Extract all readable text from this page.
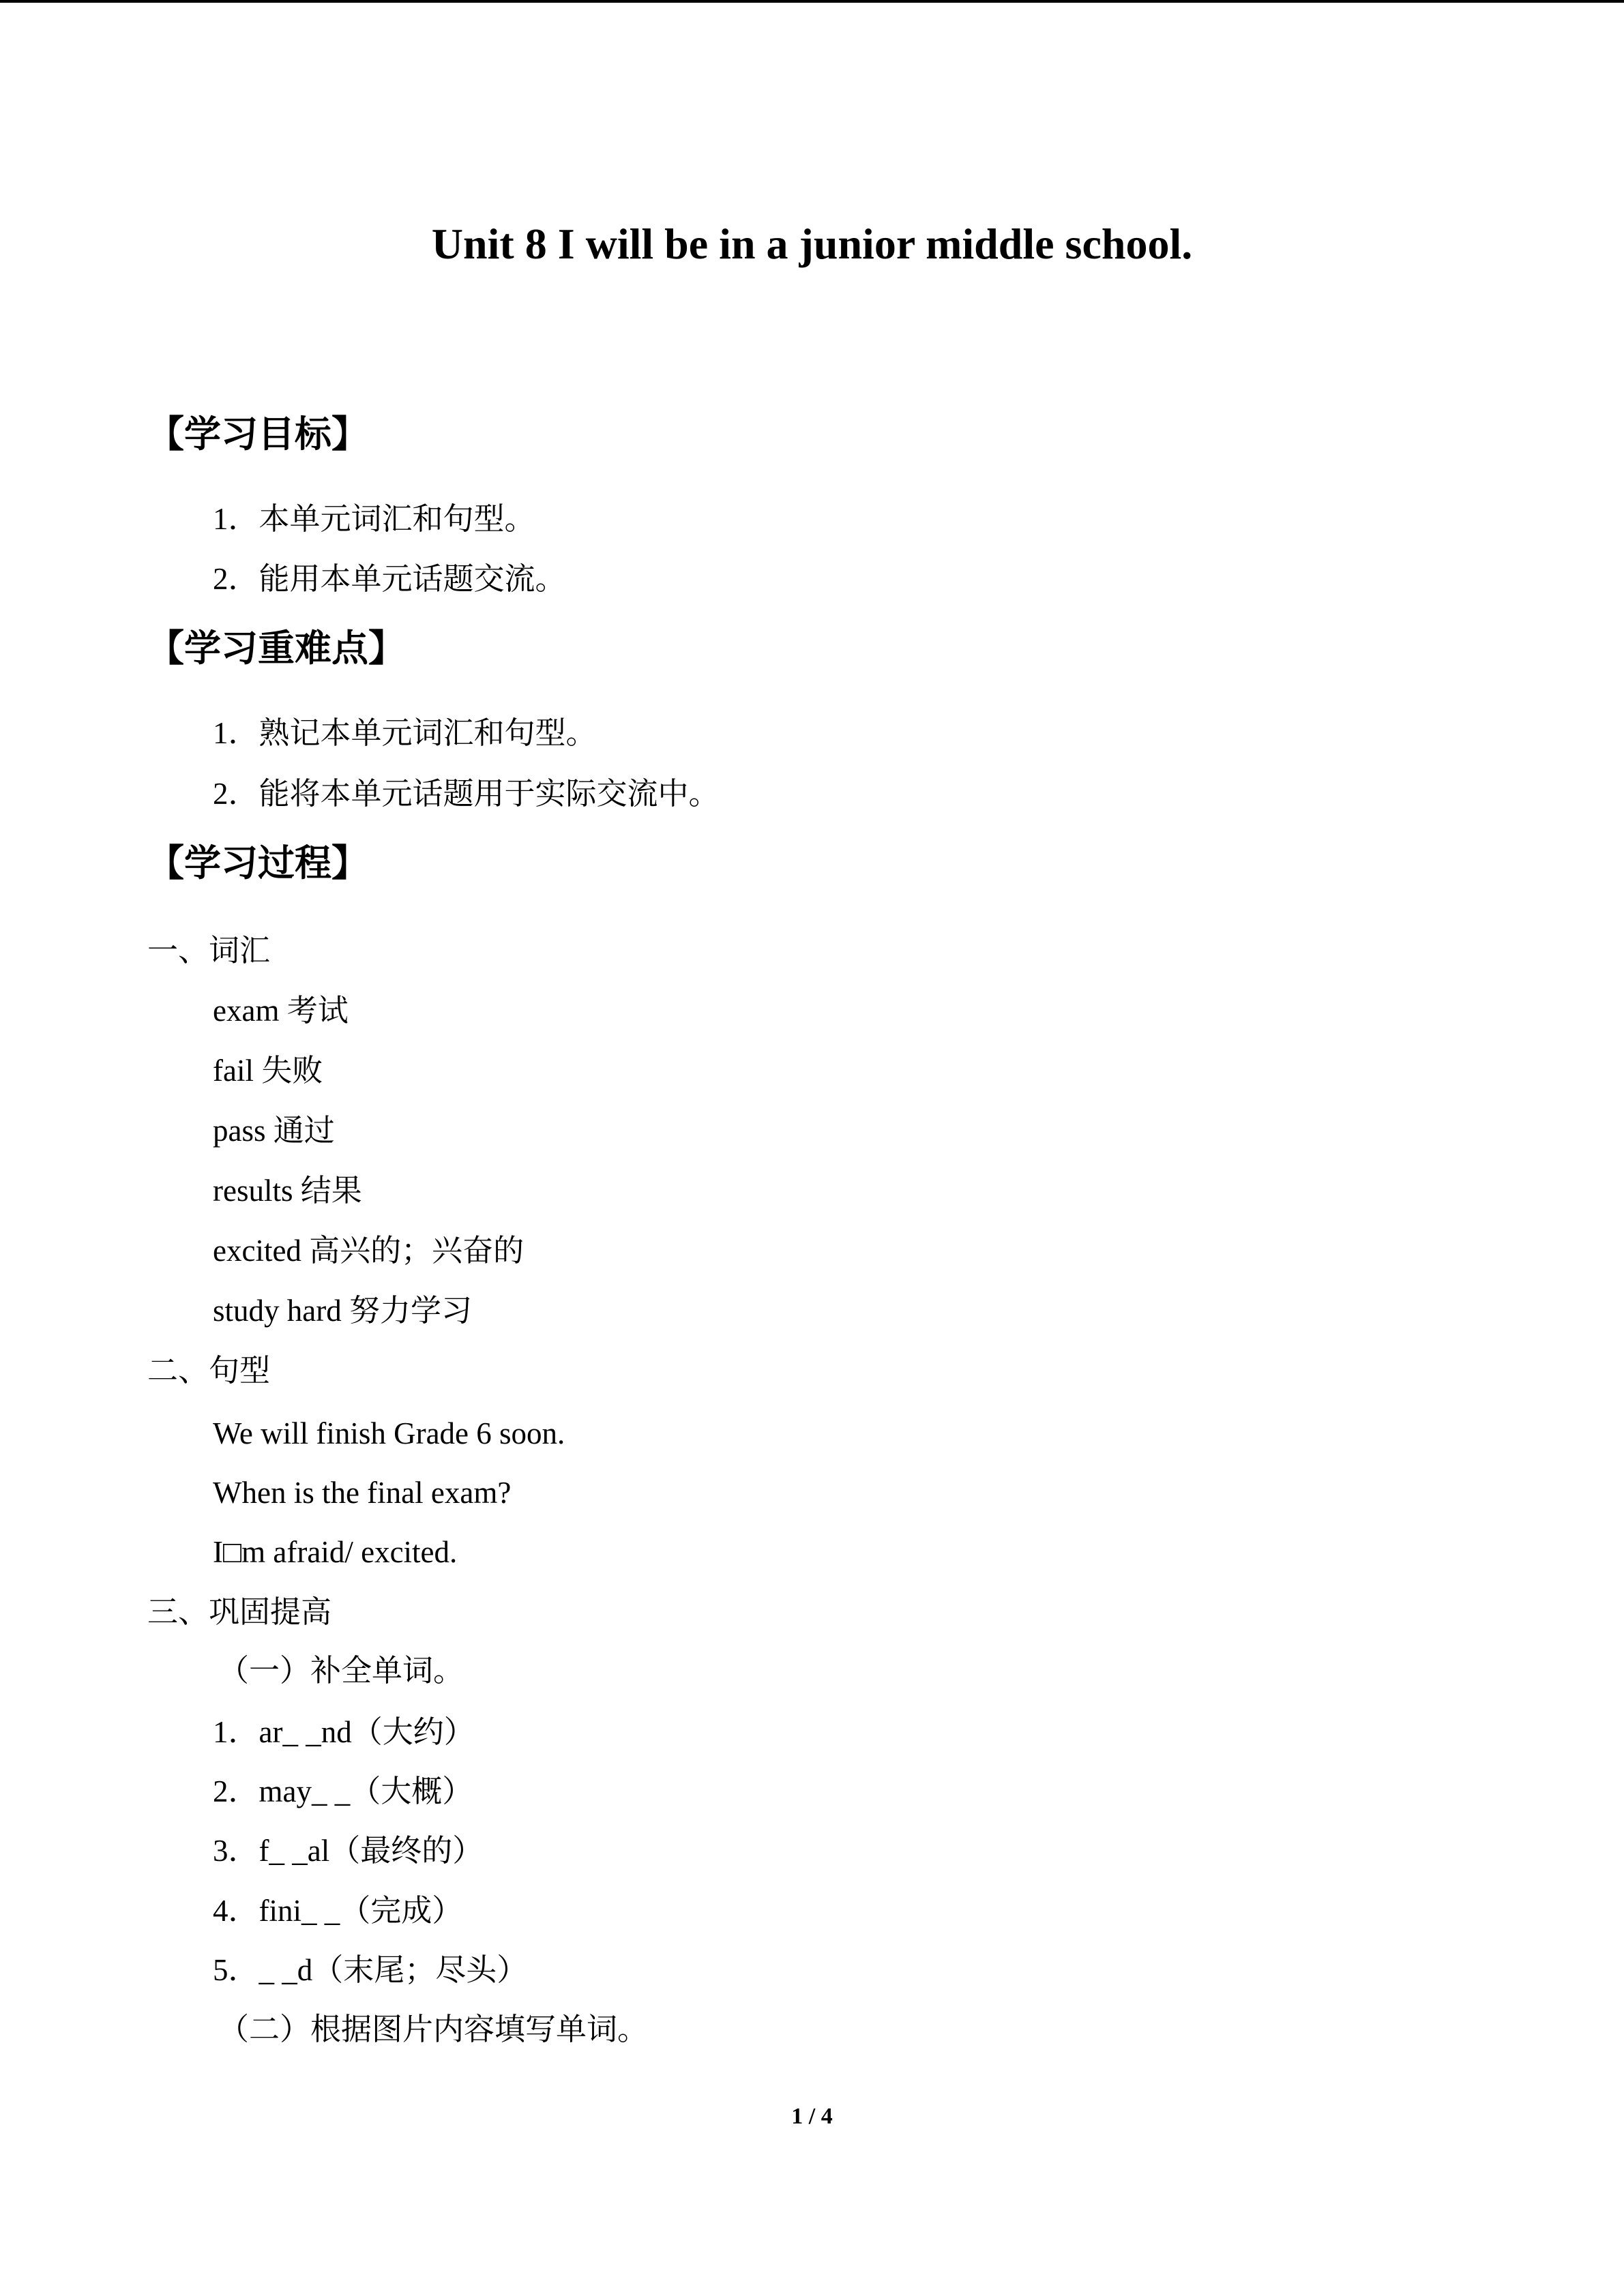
Unit 8 I will be in a junior middle school.
【学习目标】
1．本单元词汇和句型。
2．能用本单元话题交流。
【学习重难点】
1．熟记本单元词汇和句型。
2．能将本单元话题用于实际交流中。
【学习过程】
一、词汇
exam 考试
fail 失败
pass 通过
results 结果
excited 高兴的；兴奋的
study hard 努力学习
二、句型
We will finish Grade 6 soon.
When is the final exam?
I□m afraid/ excited.
三、巩固提高
（一）补全单词。
1．ar_ _nd（大约）
2．may_ _（大概）
3．f_ _al（最终的）
4．fini_ _（完成）
5．_ _d（末尾；尽头）
（二）根据图片内容填写单词。
1 / 4
